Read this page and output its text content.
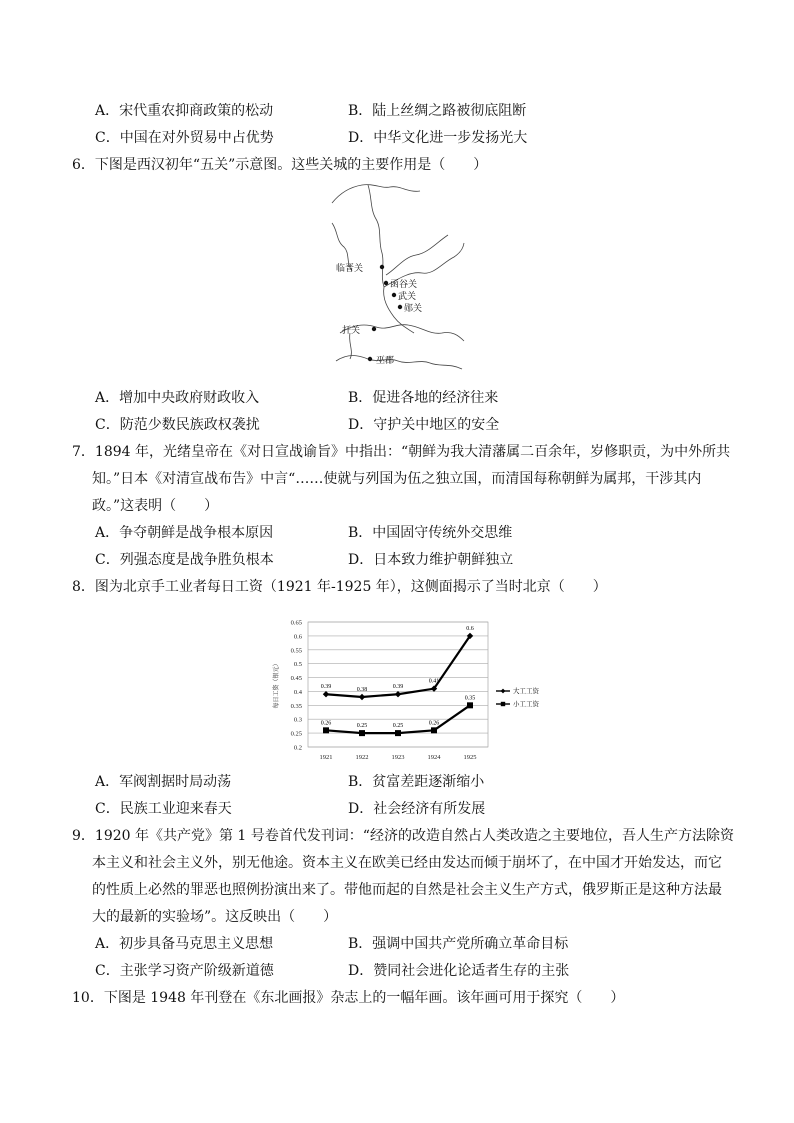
A．宋代重农抑商政策的松动	B．陆上丝绸之路被彻底阻断
C．中国在对外贸易中占优势	D．中华文化进一步发扬光大
6．下图是西汉初年“五关”示意图。这些关城的主要作用是（　　）
临晋关
函谷关
武关
郧关
扞关
巫郡
A．增加中央政府财政收入	B．促进各地的经济往来
C．防范少数民族政权袭扰	D．守护关中地区的安全
7．1894 年，光绪皇帝在《对日宣战谕旨》中指出：“朝鲜为我大清藩属二百余年，岁修职贡，为中外所共
知。”日本《对清宣战布告》中言“……使就与列国为伍之独立国，而清国每称朝鲜为属邦，干涉其内
政。”这表明（　　）
A．争夺朝鲜是战争根本原因	B．中国固守传统外交思维
C．列强态度是战争胜负根本	D．日本致力维护朝鲜独立
8．图为北京手工业者每日工资（1921 年-1925 年），这侧面揭示了当时北京（　　）
0.65
0.6
0.55
0.5
0.45
0.4
0.35
0.3
0.25
0.2
1921	1922	1923	1924	1925
每日工资（银元）	0.39	0.38	0.39
0.41
0.6
大工工资
0.26	0.25	0.25	0.26
0.35
小工工资
A．军阀割据时局动荡	B．贫富差距逐渐缩小
C．民族工业迎来春天	D．社会经济有所发展
9．1920 年《共产党》第 1 号卷首代发刊词：“经济的改造自然占人类改造之主要地位，吾人生产方法除资
本主义和社会主义外，别无他途。资本主义在欧美已经由发达而倾于崩坏了，在中国才开始发达，而它
的性质上必然的罪恶也照例扮演出来了。带他而起的自然是社会主义生产方式，俄罗斯正是这种方法最
大的最新的实验场”。这反映出（　　）
A．初步具备马克思主义思想	B．强调中国共产党所确立革命目标
C．主张学习资产阶级新道德	D．赞同社会进化论适者生存的主张
10．下图是 1948 年刊登在《东北画报》杂志上的一幅年画。该年画可用于探究（　　）
